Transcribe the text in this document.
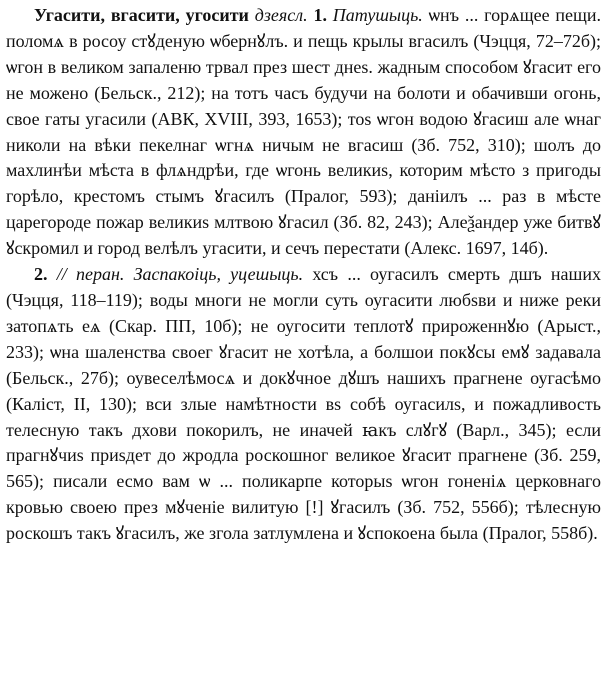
Угасити, вгасити, угосити дзеясл. 1. Патушыць. ѡнъ ... горѧщее пещи. поломѧ в росоу стꙋденую ѡбернꙋлъ. и пещь крылы вгасилъ (Чэцця, 72–72б); ѡгон в великом запаленю трвал през шест днеѕ. жадным способом ꙋгасит его не можено (Бельск., 212); на тотъ часъ будучи на болоти и обачивши огонь, свое гаты угасили (АВК, XVIII, 393, 1653); тоѕ ѡгон водою ꙋгасиш але ѡнаг николи на вѣки пекелнаг ѡгнѧ ничым не вгасиш (Зб. 752, 310); шолъ до махлинѣи мѣста в флѧндрѣи, где ѡгонь великиѕ, которим мѣсто з пригоды горѣло, крестомъ стымъ ꙋгасилъ (Пралог, 593); данiилъ ... раз в мѣсте царегороде пожар великиѕ млтвою ꙋгасил (Зб. 82, 243); Алеѯандер уже битвꙋ ꙋскромил и город велѣлъ угасити, и сечъ перестати (Алекс. 1697, 14б).

2. // перан. Заспакоіць, уцешыць. хсъ ... оугасилъ смерть дшъ наших (Чэцця, 118–119); воды многи не могли суть оугасити любѕви и ниже реки затопѧть еѧ (Скар. ПП, 10б); не оугосити теплотꙋ прироженнꙋю (Арыст., 233); ѡна шаленства своег ꙋгасит не хотѣла, а болшои покꙋсы емꙋ задавала (Бельск., 27б); оувеселѣмосѧ и докꙋчное дꙋшъ нашихъ прагнене оугасѣмо (Каліст, II, 130); вси злые намѣтности вѕ собѣ оугасилѕ, и пожадливость телесную такъ дхови покорилъ, не иначей ꙗкъ слꙋгꙋ (Варл., 345); если прагнꙋчиѕ приѕдет до жродла роскошног великое ꙋгасит прагнене (Зб. 259, 565); писали есмо вам ѡ ... поликарпе которыѕ ѡгон гоненiѧ церковнаго кровью своею през мꙋченiе вилитую [!] ꙋгасилъ (Зб. 752, 556б); тѣлесную роскошъ такъ ꙋгасилъ, же зголa затлумлена и ꙋспокоена была (Пралог, 558б).
